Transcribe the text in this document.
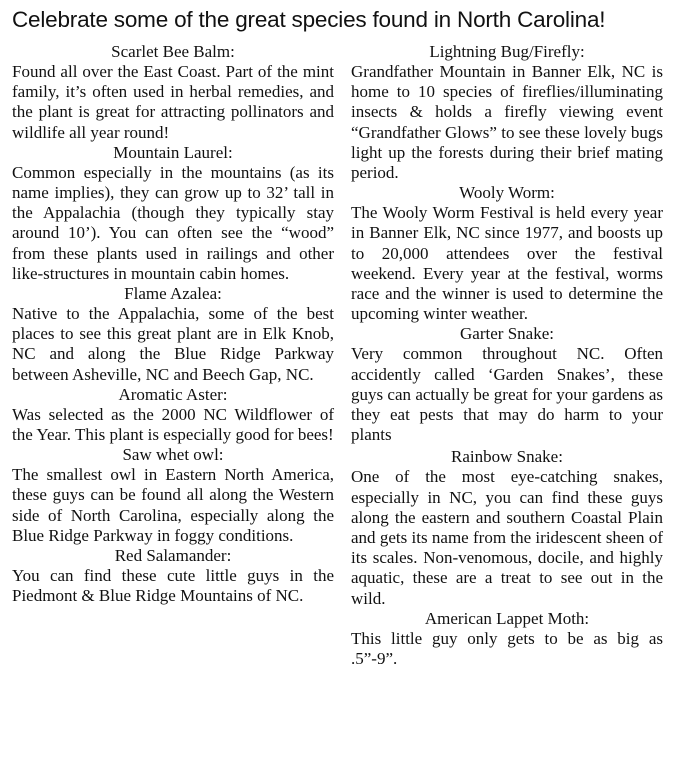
Celebrate some of the great species found in North Carolina!

Scarlet Bee Balm:

Found all over the East Coast. Part of the mint family, it’s often used in herbal remedies, and the plant is great for attracting pollinators and wildlife all year round!

Mountain Laurel:

Common especially in the mountains (as its name implies), they can grow up to 32’ tall in the Appalachia (though they typically stay around 10’). You can often see the “wood” from these plants used in railings and other like-structures in mountain cabin homes.

Flame Azalea:

Native to the Appalachia, some of the best places to see this great plant are in Elk Knob, NC and along the Blue Ridge Parkway between Asheville, NC and Beech Gap, NC.

Aromatic Aster:

Was selected as the 2000 NC Wildflower of the Year. This plant is especially good for bees!

Saw whet owl:

The smallest owl in Eastern North America, these guys can be found all along the Western side of North Carolina, especially along the Blue Ridge Parkway in foggy conditions.

Red Salamander:

You can find these cute little guys in the Piedmont & Blue Ridge Mountains of NC.

Lightning Bug/Firefly:

Grandfather Mountain in Banner Elk, NC is home to 10 species of fireflies/illuminating insects & holds a firefly viewing event “Grandfather Glows” to see these lovely bugs light up the forests during their brief mating period.

Wooly Worm:

The Wooly Worm Festival is held every year in Banner Elk, NC since 1977, and boosts up to 20,000 attendees over the festival weekend. Every year at the festival, worms race and the winner is used to determine the upcoming winter weather.

Garter Snake:

Very common throughout NC. Often accidently called ‘Garden Snakes’, these guys can actually be great for your gardens as they eat pests that may do harm to your plants

Rainbow Snake:

One of the most eye-catching snakes, especially in NC, you can find these guys along the eastern and southern Coastal Plain and gets its name from the iridescent sheen of its scales. Non-venomous, docile, and highly aquatic, these are a treat to see out in the wild.

American Lappet Moth:

This little guy only gets to be as big as .5”-9”.
